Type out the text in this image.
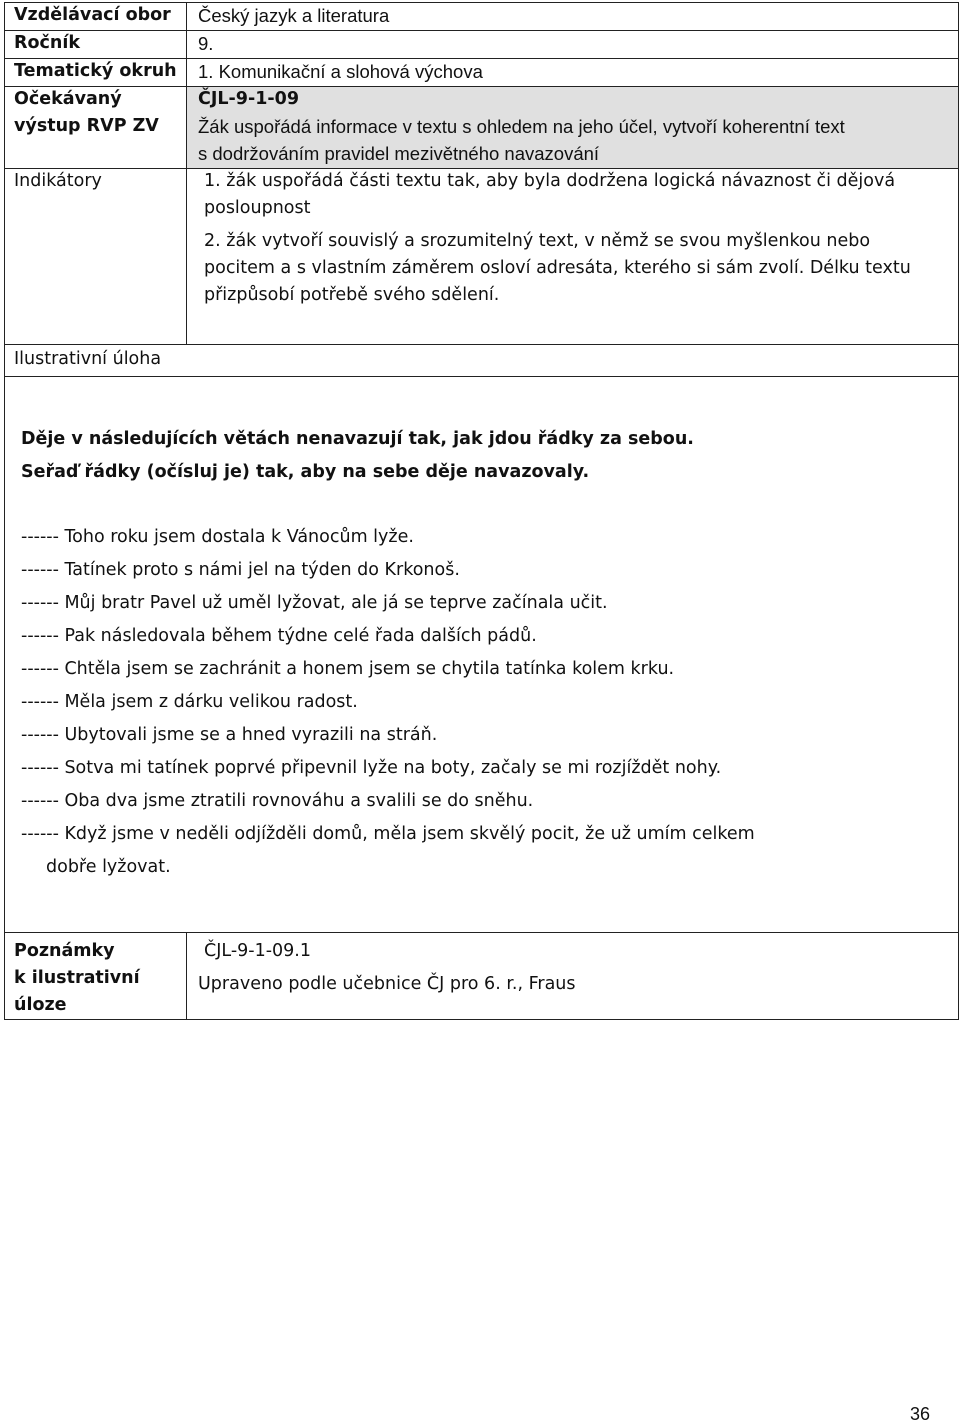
Vzdělávací obor Český jazyk a literatura
Ročník	9.
Tematický okruh 1. Komunikační a slohová výchova
Očekávaný
výstup RVP ZV
ČJL-9-1-09
Žák uspořádá informace v textu s ohledem na jeho účel, vytvoří koherentní text
s dodržováním pravidel mezivětného navazování
Indikátory	1. žák uspořádá části textu tak, aby byla dodržena logická návaznost či dějová
posloupnost
2. žák vytvoří souvislý a srozumitelný text, v němž se svou myšlenkou nebo
pocitem a s vlastním záměrem osloví adresáta, kterého si sám zvolí. Délku textu
přizpůsobí potřebě svého sdělení.
Ilustrativní úloha
Děje v následujících větách nenavazují tak, jak jdou řádky za sebou.
Seřaď řádky (očísluj je) tak, aby na sebe děje navazovaly.
------ Toho roku jsem dostala k Vánocům lyže.
------ Tatínek proto s námi jel na týden do Krkonoš.
------ Můj bratr Pavel už uměl lyžovat, ale já se teprve začínala učit.
------ Pak následovala během týdne celé řada dalších pádů.
------ Chtěla jsem se zachránit a honem jsem se chytila tatínka kolem krku.
------ Měla jsem z dárku velikou radost.
------ Ubytovali jsme se a hned vyrazili na stráň.
------ Sotva mi tatínek poprvé připevnil lyže na boty, začaly se mi rozjíždět nohy.
------ Oba dva jsme ztratili rovnováhu a svalili se do sněhu.
------ Když jsme v neděli odjížděli domů, měla jsem skvělý pocit, že už umím celkem
dobře lyžovat.
Poznámky
k ilustrativní
úloze
ČJL-9-1-09.1
Upraveno podle učebnice ČJ pro 6. r., Fraus
36
